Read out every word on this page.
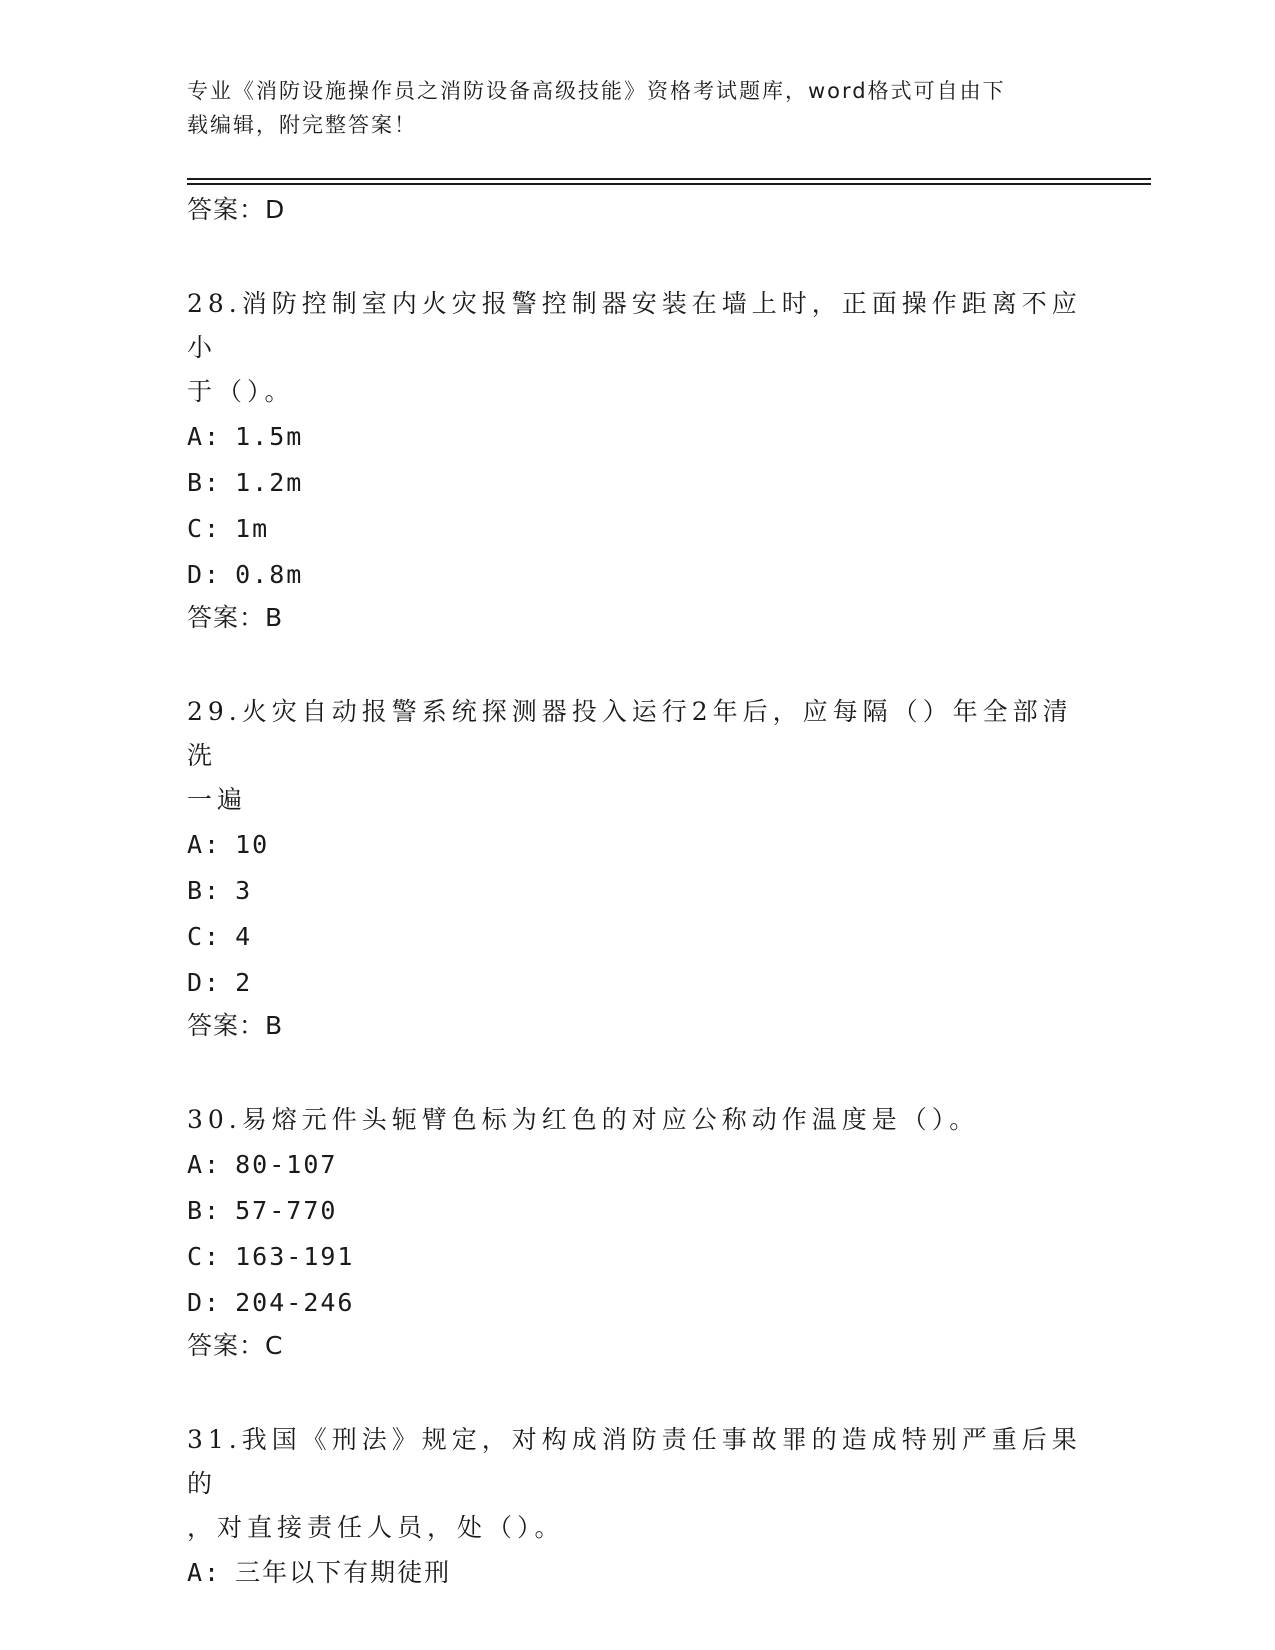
专业《消防设施操作员之消防设备高级技能》资格考试题库，word格式可自由下
载编辑，附完整答案！
答案：D
28.消防控制室内火灾报警控制器安装在墙上时，正面操作距离不应小
于（）。
A: 1.5m
B: 1.2m
C: 1m
D: 0.8m
答案：B
29.火灾自动报警系统探测器投入运行2年后，应每隔（）年全部清洗
一遍
A: 10
B: 3
C: 4
D: 2
答案：B
30.易熔元件头轭臂色标为红色的对应公称动作温度是（）。
A: 80-107
B: 57-770
C: 163-191
D: 204-246
答案：C
31.我国《刑法》规定，对构成消防责任事故罪的造成特别严重后果的
，对直接责任人员，处（）。
A: 三年以下有期徒刑
